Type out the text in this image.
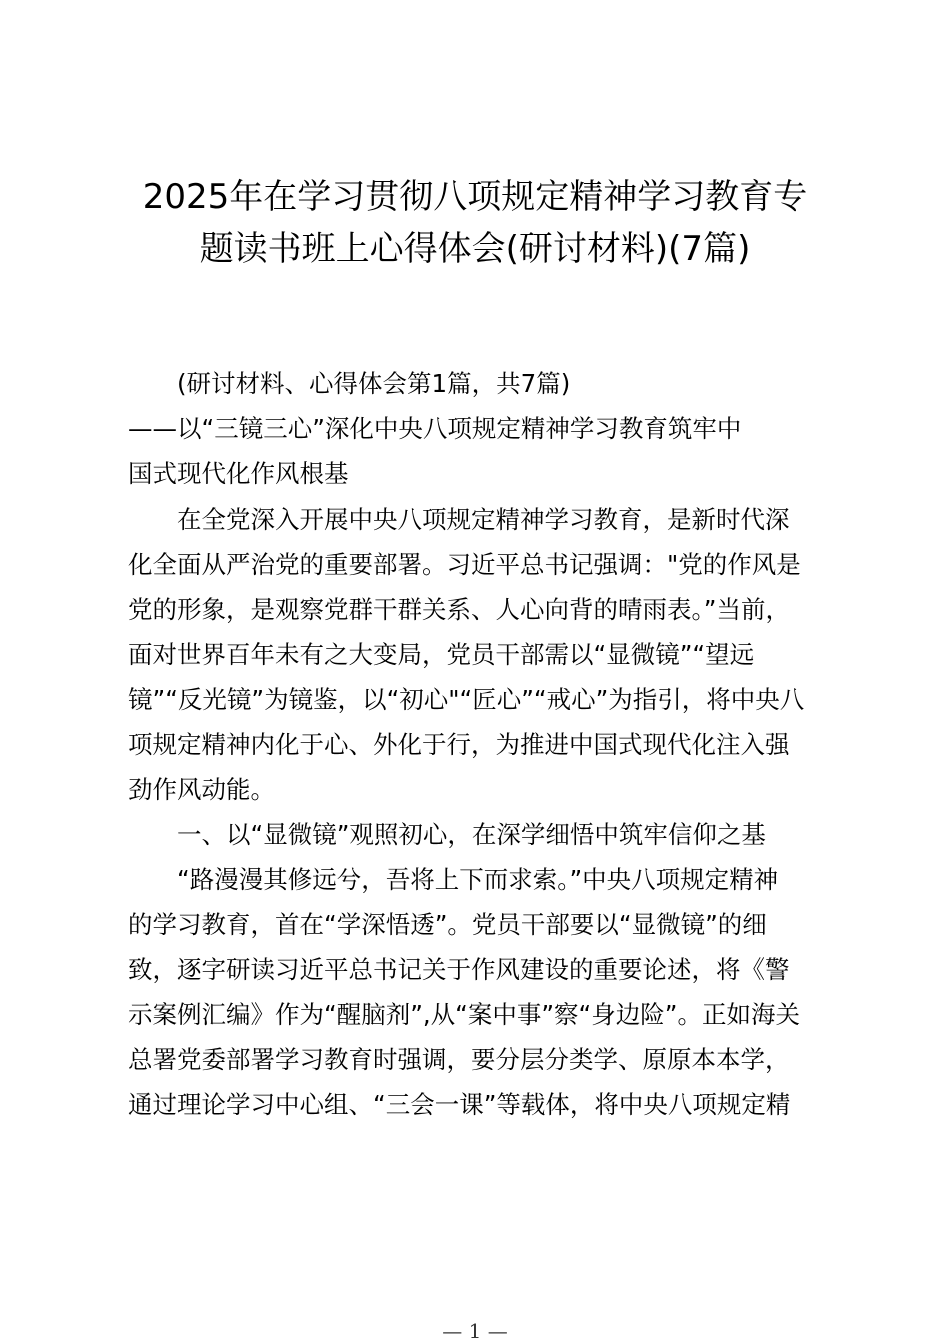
2025年在学习贯彻八项规定精神学习教育专
题读书班上心得体会(研讨材料)(7篇)

(研讨材料、心得体会第1篇，共7篇)

——以“三镜三心”深化中央八项规定精神学习教育筑牢中

国式现代化作风根基

在全党深入开展中央八项规定精神学习教育，是新时代深

化全面从严治党的重要部署。习近平总书记强调："党的作风是

党的形象，是观察党群干群关系、人心向背的晴雨表。”当前，

面对世界百年未有之大变局，党员干部需以“显微镜”“望远

镜”“反光镜”为镜鉴，以“初心"“匠心”“戒心”为指引，将中央八

项规定精神内化于心、外化于行，为推进中国式现代化注入强

劲作风动能。

一、以“显微镜”观照初心，在深学细悟中筑牢信仰之基

“路漫漫其修远兮，吾将上下而求索。”中央八项规定精神

的学习教育，首在“学深悟透”。党员干部要以“显微镜”的细

致，逐字研读习近平总书记关于作风建设的重要论述，将《警

示案例汇编》作为“醒脑剂”,从“案中事”察“身边险”。正如海关

总署党委部署学习教育时强调，要分层分类学、原原本本学，

通过理论学习中心组、“三会一课”等载体，将中央八项规定精

— 1 —
